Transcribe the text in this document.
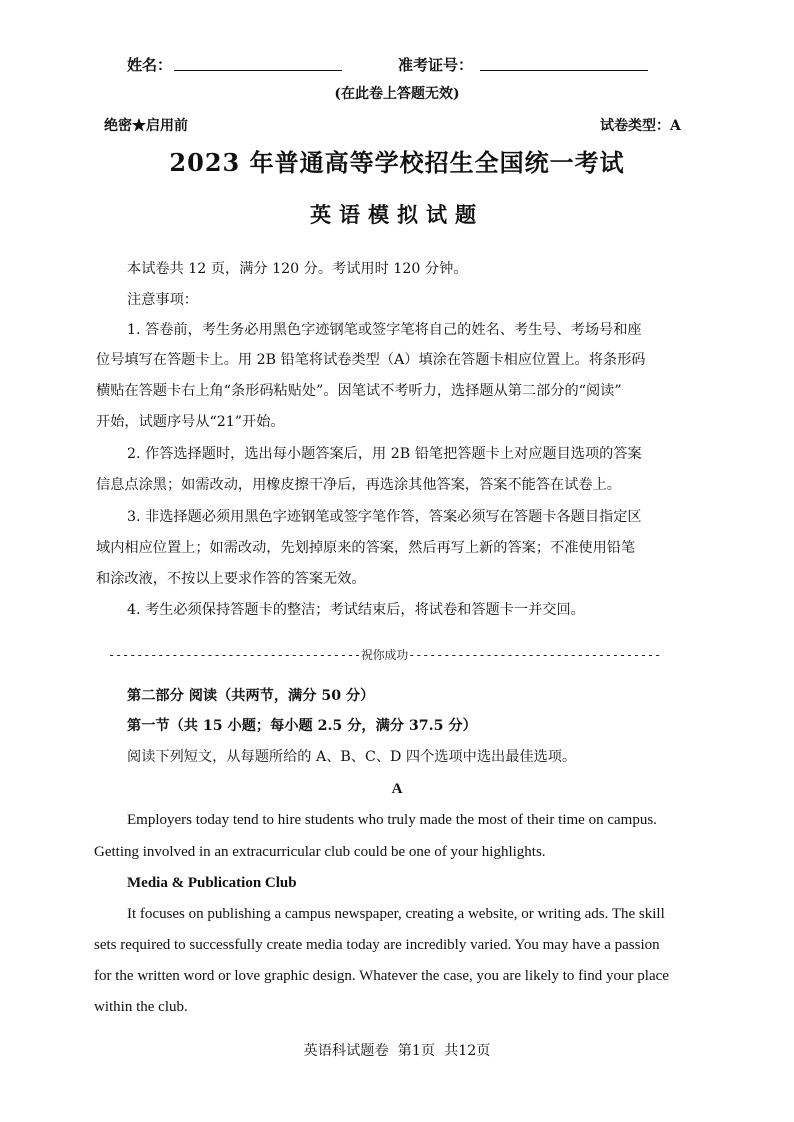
姓名：	准考证号：
(在此卷上答题无效)
绝密★启用前	试卷类型：A
2023 年普通高等学校招生全国统一考试
英语模拟试题
本试卷共 12 页，满分 120 分。考试用时 120 分钟。
注意事项：
1. 答卷前，考生务必用黑色字迹钢笔或签字笔将自己的姓名、考生号、考场号和座
位号填写在答题卡上。用 2B 铅笔将试卷类型（A）填涂在答题卡相应位置上。将条形码
横贴在答题卡右上角“条形码粘贴处”。因笔试不考听力，选择题从第二部分的“阅读”
开始，试题序号从“21”开始。
2. 作答选择题时，选出每小题答案后，用 2B 铅笔把答题卡上对应题目选项的答案
信息点涂黑；如需改动，用橡皮擦干净后，再选涂其他答案，答案不能答在试卷上。
3. 非选择题必须用黑色字迹钢笔或签字笔作答，答案必须写在答题卡各题目指定区
域内相应位置上；如需改动，先划掉原来的答案，然后再写上新的答案；不准使用铅笔
和涂改液，不按以上要求作答的答案无效。
4. 考生必须保持答题卡的整洁；考试结束后，将试卷和答题卡一并交回。
------------------------------------祝你成功------------------------------------
第二部分 阅读（共两节，满分 50 分）
第一节（共 15 小题；每小题 2.5 分，满分 37.5 分）
阅读下列短文，从每题所给的 A、B、C、D 四个选项中选出最佳选项。
A
Employers today tend to hire students who truly made the most of their time on campus.
Getting involved in an extracurricular club could be one of your highlights.
Media & Publication Club
It focuses on publishing a campus newspaper, creating a website, or writing ads. The skill
sets required to successfully create media today are incredibly varied. You may have a passion
for the written word or love graphic design. Whatever the case, you are likely to find your place
within the club.
英语科试题卷  第1页  共12页
